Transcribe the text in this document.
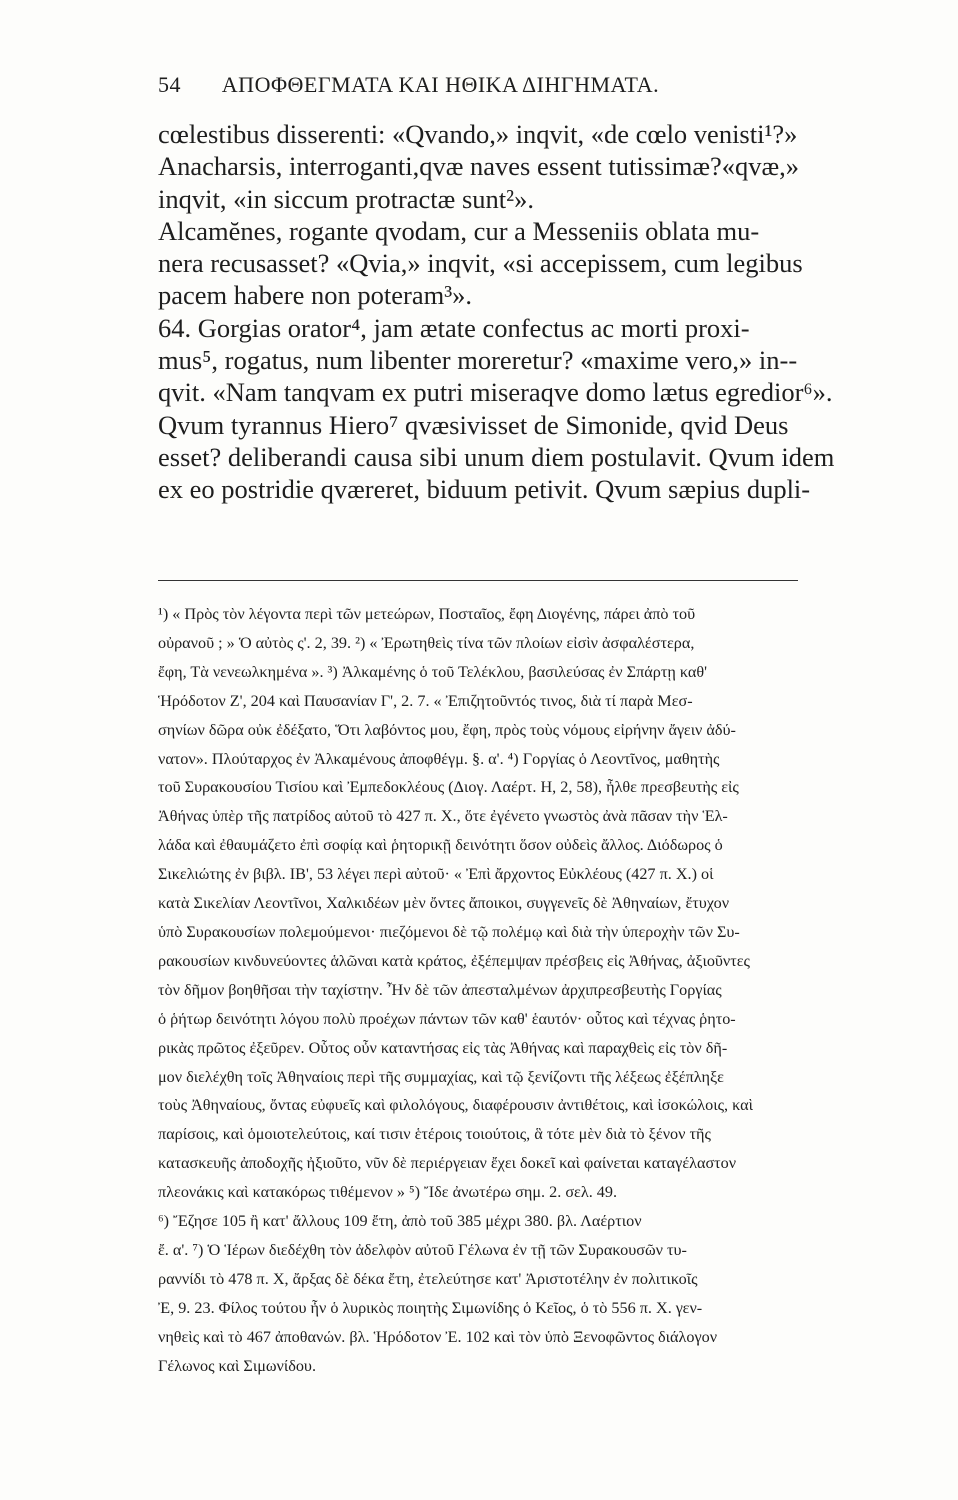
54 ΑΠΟΦΘΕΓΜΑΤΑ ΚΑΙ ΗΘΙΚΑ ΔΙΗΓΗΜΑΤΑ.
cœlestibus disserenti: «Qvando,» inqvit, «de cœlo venisti¹?»
Anacharsis, interroganti,qvæ naves essent tutissimæ?«qvæ,»
inqvit, «in siccum protractæ sunt²».
Alcamĕnes, rogante qvodam, cur a Messeniis oblata mu-
nera recusasset? «Qvia,» inqvit, «si accepissem, cum legibus
pacem habere non poteram³».
64. Gorgias orator⁴, jam ætate confectus ac morti proxi-
mus⁵, rogatus, num libenter moreretur? «maxime vero,» in--
qvit. «Nam tanqvam ex putri miseraqve domo lætus egredior⁶».
Qvum tyrannus Hiero⁷ qvæsivisset de Simonide, qvid Deus
esset? deliberandi causa sibi unum diem postulavit. Qvum idem
ex eo postridie qværeret, biduum petivit. Qvum sæpius dupli-
¹) « Πρὸς τὸν λέγοντα περὶ τῶν μετεώρων, Ποσταῖος, ἔφη Διογένης, πάρει ἀπὸ τοῦ
οὐρανοῦ ; » Ὁ αὐτὸς ς'. 2, 39. ²) « Ἐρωτηθεὶς τίνα τῶν πλοίων εἰσὶν ἀσφαλέστερα,
ἔφη, Τὰ νενεωλκημένα ». ³) Ἀλκαμένης ὁ τοῦ Τελέκλου, βασιλεύσας ἐν Σπάρτῃ καθ'
Ἡρόδοτον Ζ', 204 καὶ Παυσανίαν Γ', 2. 7. « Ἐπιζητοῦντός τινος, διὰ τί παρὰ Μεσ-
σηνίων δῶρα οὐκ ἐδέξατο, Ὅτι λαβόντος μου, ἔφη, πρὸς τοὺς νόμους εἰρήνην ἄγειν ἀδύ-
νατον». Πλούταρχος ἐν Ἀλκαμένους ἀποφθέγμ. §. α'. ⁴) Γοργίας ὁ Λεοντῖνος, μαθητὴς
τοῦ Συρακουσίου Τισίου καὶ Ἐμπεδοκλέους (Διογ. Λαέρτ. Η, 2, 58), ἦλθε πρεσβευτὴς εἰς
Ἀθήνας ὑπὲρ τῆς πατρίδος αὐτοῦ τὸ 427 π. Χ., ὅτε ἐγένετο γνωστὸς ἀνὰ πᾶσαν τὴν Ἑλ-
λάδα καὶ ἐθαυμάζετο ἐπὶ σοφίᾳ καὶ ῥητορικῇ δεινότητι ὅσον οὐδεὶς ἄλλος. Διόδωρος ὁ
Σικελιώτης ἐν βιβλ. ΙΒ', 53 λέγει περὶ αὐτοῦ· « Ἐπὶ ἄρχοντος Εὐκλέους (427 π. Χ.) οἱ
κατὰ Σικελίαν Λεοντῖνοι, Χαλκιδέων μὲν ὄντες ἄποικοι, συγγενεῖς δὲ Ἀθηναίων, ἔτυχον
ὑπὸ Συρακουσίων πολεμούμενοι· πιεζόμενοι δὲ τῷ πολέμῳ καὶ διὰ τὴν ὑπεροχὴν τῶν Συ-
ρακουσίων κινδυνεύοντες ἁλῶναι κατὰ κράτος, ἐξέπεμψαν πρέσβεις εἰς Ἀθήνας, ἀξιοῦντες
τὸν δῆμον βοηθῆσαι τὴν ταχίστην. Ἦν δὲ τῶν ἀπεσταλμένων ἀρχιπρεσβευτὴς Γοργίας
ὁ ῥήτωρ δεινότητι λόγου πολὺ προέχων πάντων τῶν καθ' ἑαυτόν· οὗτος καὶ τέχνας ῥητο-
ρικὰς πρῶτος ἐξεῦρεν. Οὗτος οὖν καταντήσας εἰς τὰς Ἀθήνας καὶ παραχθεὶς εἰς τὸν δῆ-
μον διελέχθη τοῖς Ἀθηναίοις περὶ τῆς συμμαχίας, καὶ τῷ ξενίζοντι τῆς λέξεως ἐξέπληξε
τοὺς Ἀθηναίους, ὄντας εὐφυεῖς καὶ φιλολόγους, διαφέρουσιν ἀντιθέτοις, καὶ ἰσοκώλοις, καὶ
παρίσοις, καὶ ὁμοιοτελεύτοις, καί τισιν ἑτέροις τοιούτοις, ἃ τότε μὲν διὰ τὸ ξένον τῆς
κατασκευῆς ἀποδοχῆς ἠξιοῦτο, νῦν δὲ περιέργειαν ἔχει δοκεῖ καὶ φαίνεται καταγέλαστον
πλεονάκις καὶ κατακόρως τιθέμενον » ⁵) Ἴδε ἀνωτέρω σημ. 2. σελ. 49.
⁶) Ἔζησε 105 ἢ κατ' ἄλλους 109 ἔτη, ἀπὸ τοῦ 385 μέχρι 380. βλ. Λαέρτιον
ἔ. α'. ⁷) Ὁ Ἱέρων διεδέχθη τὸν ἀδελφὸν αὐτοῦ Γέλωνα ἐν τῇ τῶν Συρακουσῶν τυ-
ραννίδι τὸ 478 π. Χ, ἄρξας δὲ δέκα ἔτη, ἐτελεύτησε κατ' Ἀριστοτέλην ἐν πολιτικοῖς
Ἐ, 9. 23. Φίλος τούτου ἦν ὁ λυρικὸς ποιητὴς Σιμωνίδης ὁ Κεῖος, ὁ τὸ 556 π. Χ. γεν-
νηθεὶς καὶ τὸ 467 ἀποθανών. βλ. Ἡρόδοτον Ἐ. 102 καὶ τὸν ὑπὸ Ξενοφῶντος διάλογον
Γέλωνος καὶ Σιμωνίδου.
